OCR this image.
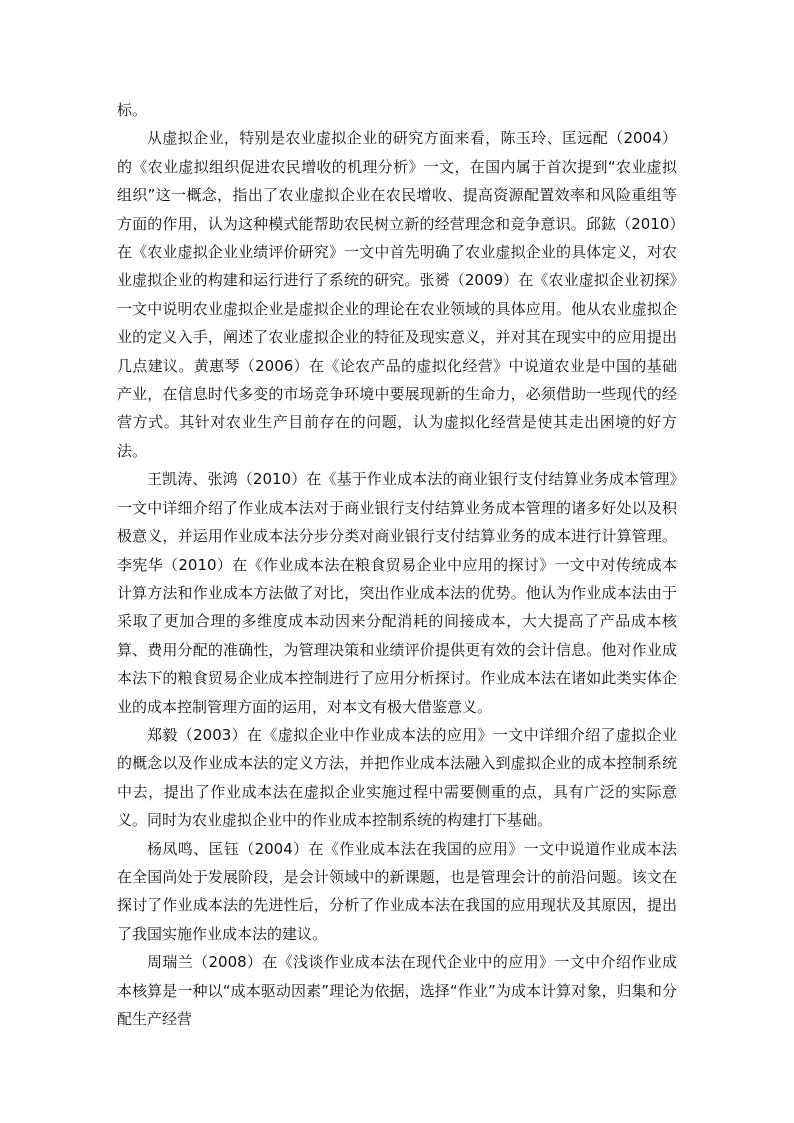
标。

从虚拟企业，特别是农业虚拟企业的研究方面来看，陈玉玲、匡远配（2004）的《农业虚拟组织促进农民增收的机理分析》一文，在国内属于首次提到“农业虚拟组织”这一概念，指出了农业虚拟企业在农民增收、提高资源配置效率和风险重组等方面的作用，认为这种模式能帮助农民树立新的经营理念和竞争意识。邱鈜（2010）在《农业虚拟企业业绩评价研究》一文中首先明确了农业虚拟企业的具体定义，对农业虚拟企业的构建和运行进行了系统的研究。张赟（2009）在《农业虚拟企业初探》一文中说明农业虚拟企业是虚拟企业的理论在农业领域的具体应用。他从农业虚拟企业的定义入手，阐述了农业虚拟企业的特征及现实意义，并对其在现实中的应用提出几点建议。黄惠琴（2006）在《论农产品的虚拟化经营》中说道农业是中国的基础产业，在信息时代多变的市场竞争环境中要展现新的生命力，必须借助一些现代的经营方式。其针对农业生产目前存在的问题，认为虚拟化经营是使其走出困境的好方法。

王凯涛、张鸿（2010）在《基于作业成本法的商业银行支付结算业务成本管理》一文中详细介绍了作业成本法对于商业银行支付结算业务成本管理的诸多好处以及积极意义，并运用作业成本法分步分类对商业银行支付结算业务的成本进行计算管理。李宪华（2010）在《作业成本法在粮食贸易企业中应用的探讨》一文中对传统成本计算方法和作业成本方法做了对比，突出作业成本法的优势。他认为作业成本法由于采取了更加合理的多维度成本动因来分配消耗的间接成本，大大提高了产品成本核算、费用分配的准确性，为管理决策和业绩评价提供更有效的会计信息。他对作业成本法下的粮食贸易企业成本控制进行了应用分析探讨。作业成本法在诸如此类实体企业的成本控制管理方面的运用，对本文有极大借鉴意义。

郑毅（2003）在《虚拟企业中作业成本法的应用》一文中详细介绍了虚拟企业的概念以及作业成本法的定义方法，并把作业成本法融入到虚拟企业的成本控制系统中去，提出了作业成本法在虚拟企业实施过程中需要侧重的点，具有广泛的实际意义。同时为农业虚拟企业中的作业成本控制系统的构建打下基础。

杨凤鸣、匡钰（2004）在《作业成本法在我国的应用》一文中说道作业成本法在全国尚处于发展阶段，是会计领域中的新课题，也是管理会计的前沿问题。该文在探讨了作业成本法的先进性后，分析了作业成本法在我国的应用现状及其原因，提出了我国实施作业成本法的建议。

周瑞兰（2008）在《浅谈作业成本法在现代企业中的应用》一文中介绍作业成本核算是一种以“成本驱动因素”理论为依据，选择“作业”为成本计算对象，归集和分配生产经营
